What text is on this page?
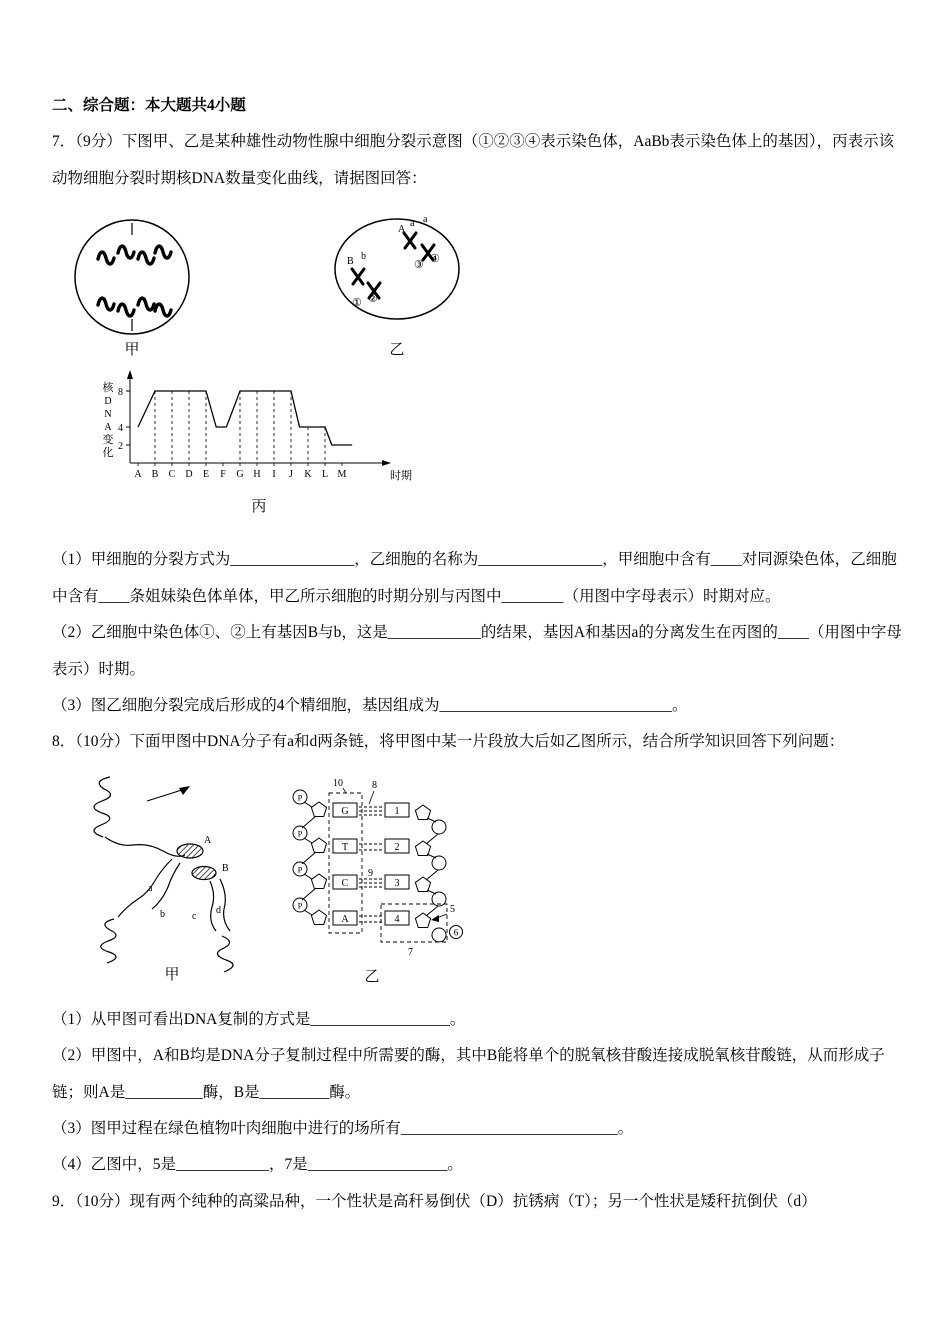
二、综合题：本大题共4小题

7．（9分）下图甲、乙是某种雄性动物性腺中细胞分裂示意图（①②③④表示染色体，AaBb表示染色体上的基因），丙表示该动物细胞分裂时期核DNA数量变化曲线，请据图回答：

甲
a a
A
③ ④
B b
① ②
乙
核
D
N
A
变
化
2
4
8
A B C D E F G H I J K L M	时期
丙

（1）甲细胞的分裂方式为________________，乙细胞的名称为________________，甲细胞中含有____对同源染色体，乙细胞中含有____条姐妹染色体单体，甲乙所示细胞的时期分别与丙图中________（用图中字母表示）时期对应。

（2）乙细胞中染色体①、②上有基因B与b，这是____________的结果，基因A和基因a的分离发生在丙图的____（用图中字母表示）时期。

（3）图乙细胞分裂完成后形成的4个精细胞，基因组成为______________________________。

8．（10分）下面甲图中DNA分子有a和d两条链，将甲图中某一片段放大后如乙图所示，结合所学知识回答下列问题：

A
B
a
b	c
d
甲
P
G	1
P
T	2
P
C	3
P
A	4
10	8
9
5
6
7
乙

（1）从甲图可看出DNA复制的方式是__________________。

（2）甲图中，A和B均是DNA分子复制过程中所需要的酶，其中B能将单个的脱氧核苷酸连接成脱氧核苷酸链，从而形成子链；则A是__________酶，B是_________酶。

（3）图甲过程在绿色植物叶肉细胞中进行的场所有____________________________。

（4）乙图中，5是____________，7是__________________。

9．（10分）现有两个纯种的高粱品种，一个性状是高秆易倒伏（D）抗锈病（T）；另一个性状是矮秆抗倒伏（d）
